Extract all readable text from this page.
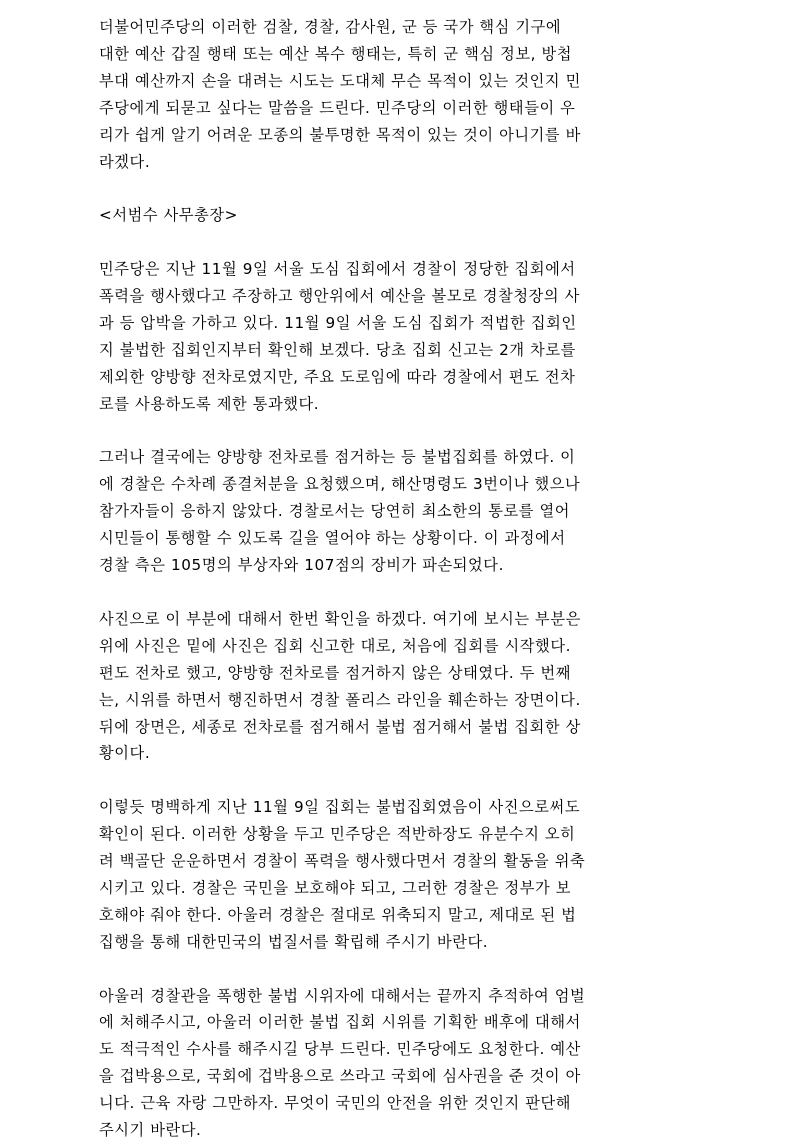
더불어민주당의 이러한 검찰, 경찰, 감사원, 군 등 국가 핵심 기구에
대한 예산 갑질 행태 또는 예산 복수 행태는, 특히 군 핵심 정보, 방첩
부대 예산까지 손을 대려는 시도는 도대체 무슨 목적이 있는 것인지 민
주당에게 되묻고 싶다는 말씀을 드린다. 민주당의 이러한 행태들이 우
리가 쉽게 알기 어려운 모종의 불투명한 목적이 있는 것이 아니기를 바
라겠다.

<서범수 사무총장>

민주당은 지난 11월 9일 서울 도심 집회에서 경찰이 정당한 집회에서
폭력을 행사했다고 주장하고 행안위에서 예산을 볼모로 경찰청장의 사
과 등 압박을 가하고 있다. 11월 9일 서울 도심 집회가 적법한 집회인
지 불법한 집회인지부터 확인해 보겠다. 당초 집회 신고는 2개 차로를
제외한 양방향 전차로였지만, 주요 도로임에 따라 경찰에서 편도 전차
로를 사용하도록 제한 통과했다.

그러나 결국에는 양방향 전차로를 점거하는 등 불법집회를 하였다. 이
에 경찰은 수차례 종결처분을 요청했으며, 해산명령도 3번이나 했으나
참가자들이 응하지 않았다. 경찰로서는 당연히 최소한의 통로를 열어
시민들이 통행할 수 있도록 길을 열어야 하는 상황이다. 이 과정에서
경찰 측은 105명의 부상자와 107점의 장비가 파손되었다.

사진으로 이 부분에 대해서 한번 확인을 하겠다. 여기에 보시는 부분은
위에 사진은 밑에 사진은 집회 신고한 대로, 처음에 집회를 시작했다.
편도 전차로 했고, 양방향 전차로를 점거하지 않은 상태였다. 두 번째
는, 시위를 하면서 행진하면서 경찰 폴리스 라인을 훼손하는 장면이다.
뒤에 장면은, 세종로 전차로를 점거해서 불법 점거해서 불법 집회한 상
황이다.

이렇듯 명백하게 지난 11월 9일 집회는 불법집회였음이 사진으로써도
확인이 된다. 이러한 상황을 두고 민주당은 적반하장도 유분수지 오히
려 백골단 운운하면서 경찰이 폭력을 행사했다면서 경찰의 활동을 위축
시키고 있다. 경찰은 국민을 보호해야 되고, 그러한 경찰은 정부가 보
호해야 줘야 한다. 아울러 경찰은 절대로 위축되지 말고, 제대로 된 법
집행을 통해 대한민국의 법질서를 확립해 주시기 바란다.

아울러 경찰관을 폭행한 불법 시위자에 대해서는 끝까지 추적하여 엄벌
에 처해주시고, 아울러 이러한 불법 집회 시위를 기획한 배후에 대해서
도 적극적인 수사를 해주시길 당부 드린다. 민주당에도 요청한다. 예산
을 겁박용으로, 국회에 겁박용으로 쓰라고 국회에 심사권을 준 것이 아
니다. 근육 자랑 그만하자. 무엇이 국민의 안전을 위한 것인지 판단해
주시기 바란다.
